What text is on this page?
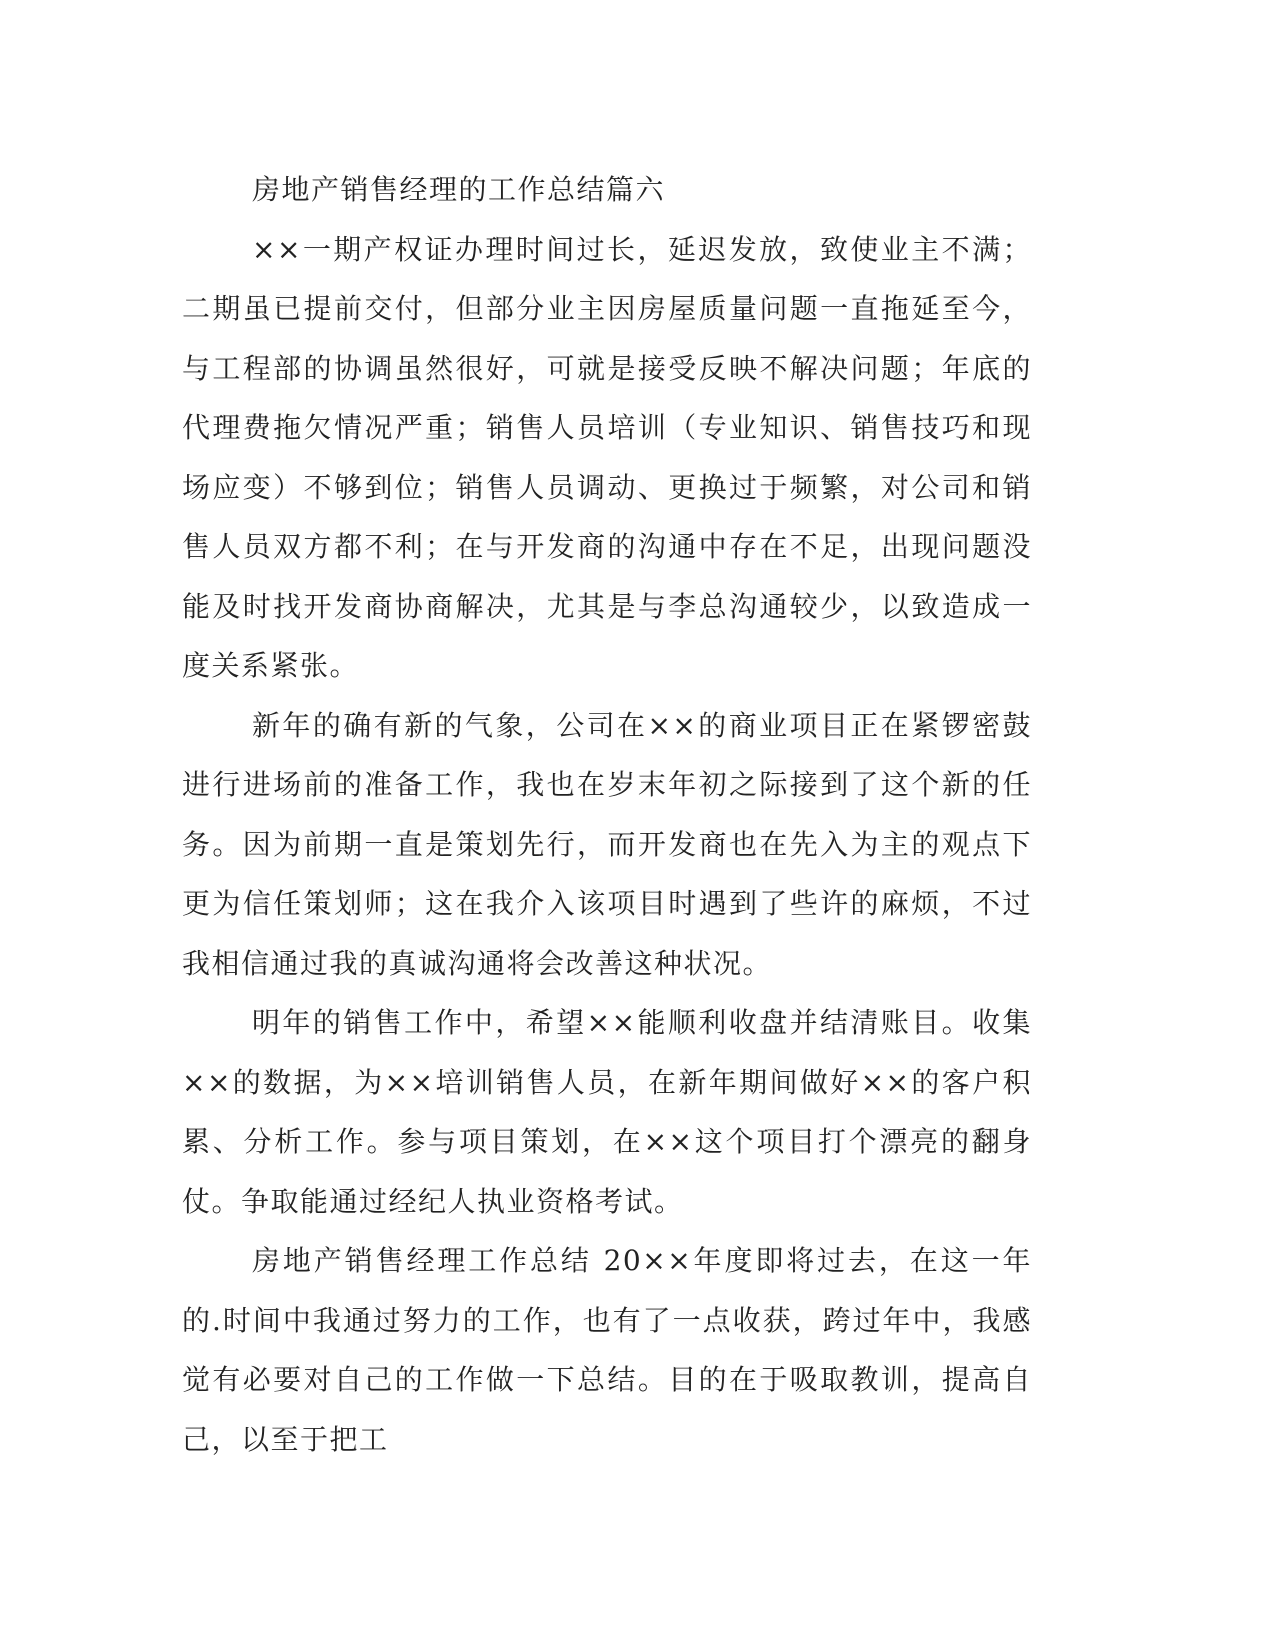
房地产销售经理的工作总结篇六

××一期产权证办理时间过长，延迟发放，致使业主不满；二期虽已提前交付，但部分业主因房屋质量问题一直拖延至今，与工程部的协调虽然很好，可就是接受反映不解决问题；年底的代理费拖欠情况严重；销售人员培训（专业知识、销售技巧和现场应变）不够到位；销售人员调动、更换过于频繁，对公司和销售人员双方都不利；在与开发商的沟通中存在不足，出现问题没能及时找开发商协商解决，尤其是与李总沟通较少，以致造成一度关系紧张。

新年的确有新的气象，公司在××的商业项目正在紧锣密鼓进行进场前的准备工作，我也在岁末年初之际接到了这个新的任务。因为前期一直是策划先行，而开发商也在先入为主的观点下更为信任策划师；这在我介入该项目时遇到了些许的麻烦，不过我相信通过我的真诚沟通将会改善这种状况。

明年的销售工作中，希望××能顺利收盘并结清账目。收集××的数据，为××培训销售人员，在新年期间做好××的客户积累、分析工作。参与项目策划，在××这个项目打个漂亮的翻身仗。争取能通过经纪人执业资格考试。

房地产销售经理工作总结 20××年度即将过去，在这一年的.时间中我通过努力的工作，也有了一点收获，跨过年中，我感觉有必要对自己的工作做一下总结。目的在于吸取教训，提高自己，以至于把工
